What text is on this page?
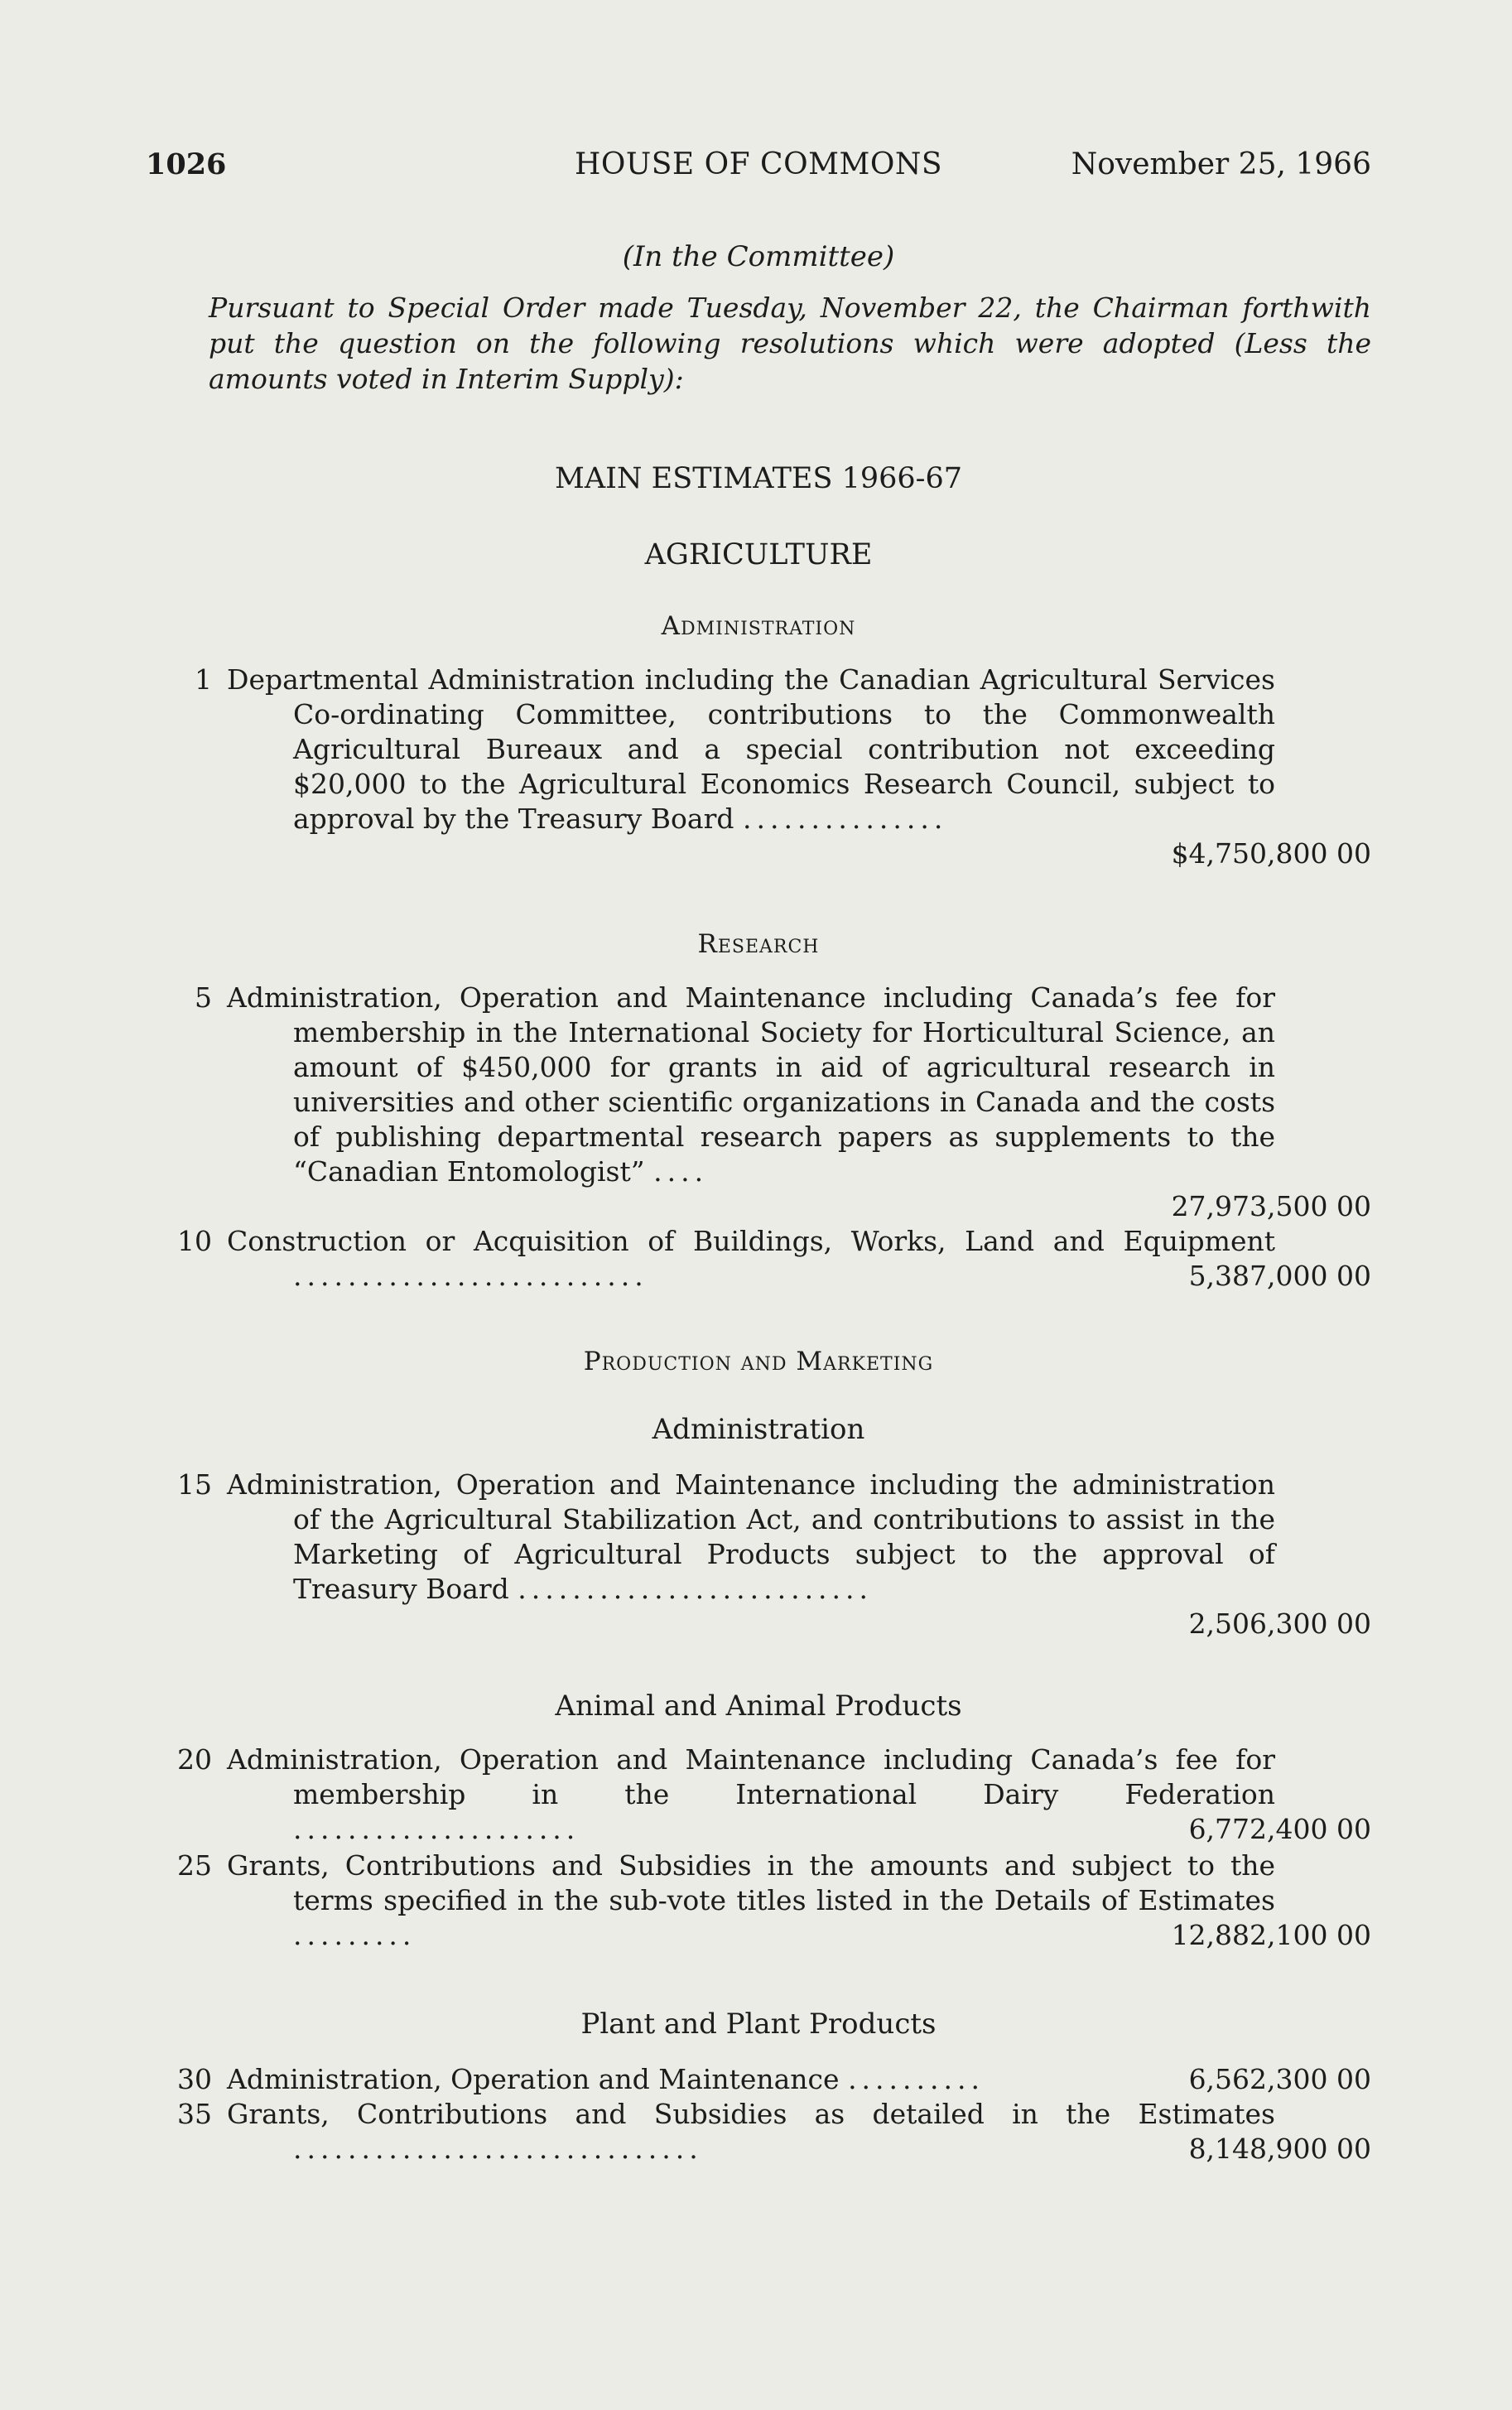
1026	HOUSE OF COMMONS	November 25, 1966
(In the Committee)
Pursuant to Special Order made Tuesday, November 22, the Chairman forthwith put the question on the following resolutions which were adopted (Less the amounts voted in Interim Supply):
MAIN ESTIMATES 1966-67
AGRICULTURE
Administration
1 Departmental Administration including the Canadian Agricultural Services Co-ordinating Committee, contributions to the Commonwealth Agricultural Bureaux and a special contribution not exceeding $20,000 to the Agricultural Economics Research Council, subject to approval by the Treasury Board ...............
$4,750,800 00
Research
5 Administration, Operation and Maintenance including Canada’s fee for membership in the International Society for Horticultural Science, an amount of $450,000 for grants in aid of agricultural research in universities and other scientific organizations in Canada and the costs of publishing departmental research papers as supplements to the “Canadian Entomologist” ....
27,973,500 00
10 Construction or Acquisition of Buildings, Works, Land and Equipment ..........................	5,387,000 00
Production and Marketing
Administration
15 Administration, Operation and Maintenance including the administration of the Agricultural Stabilization Act, and contributions to assist in the Marketing of Agricultural Products subject to the approval of Treasury Board ..........................
2,506,300 00
Animal and Animal Products
20 Administration, Operation and Maintenance including Canada’s fee for membership in the International Dairy Federation .....................	6,772,400 00
25 Grants, Contributions and Subsidies in the amounts and subject to the terms specified in the sub-vote titles listed in the Details of Estimates .........	12,882,100 00
Plant and Plant Products
30 Administration, Operation and Maintenance ..........	6,562,300 00
35 Grants, Contributions and Subsidies as detailed in the Estimates ..............................	8,148,900 00
